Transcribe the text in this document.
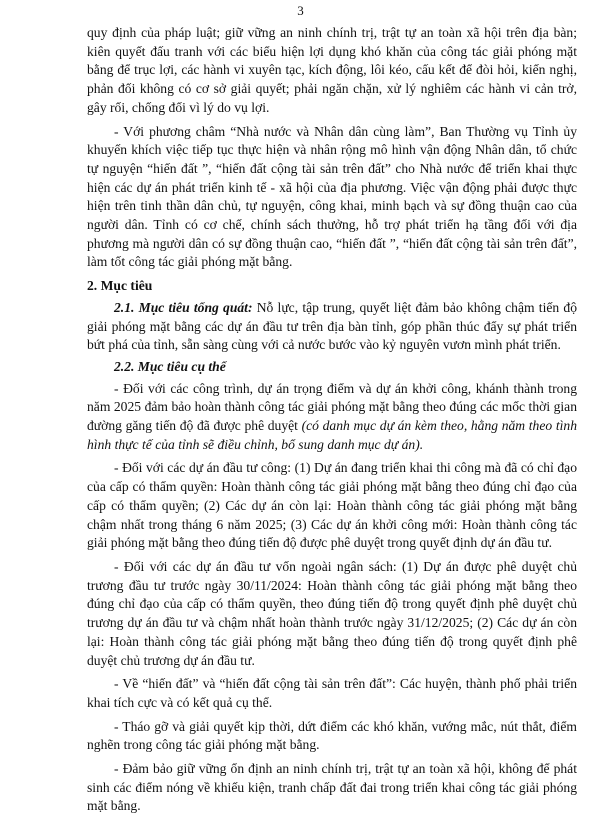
3

quy định của pháp luật; giữ vững an ninh chính trị, trật tự an toàn xã hội trên địa bàn; kiên quyết đấu tranh với các biểu hiện lợi dụng khó khăn của công tác giải phóng mặt bằng để trục lợi, các hành vi xuyên tạc, kích động, lôi kéo, cấu kết để đòi hỏi, kiến nghị, phản đối không có cơ sở giải quyết; phải ngăn chặn, xử lý nghiêm các hành vi cản trở, gây rối, chống đối vì lý do vụ lợi.

- Với phương châm “Nhà nước và Nhân dân cùng làm”, Ban Thường vụ Tỉnh ủy khuyến khích việc tiếp tục thực hiện và nhân rộng mô hình vận động Nhân dân, tổ chức tự nguyện “hiến đất ”, “hiến đất cộng tài sản trên đất” cho Nhà nước để triển khai thực hiện các dự án phát triển kinh tế - xã hội của địa phương. Việc vận động phải được thực hiện trên tinh thần dân chủ, tự nguyện, công khai, minh bạch và sự đồng thuận cao của người dân. Tỉnh có cơ chế, chính sách thưởng, hỗ trợ phát triển hạ tầng đối với địa phương mà người dân có sự đồng thuận cao, “hiến đất ”, “hiến đất cộng tài sản trên đất”, làm tốt công tác giải phóng mặt bằng.

2. Mục tiêu

2.1. Mục tiêu tổng quát: Nỗ lực, tập trung, quyết liệt đảm bảo không chậm tiến độ giải phóng mặt bằng các dự án đầu tư trên địa bàn tỉnh, góp phần thúc đẩy sự phát triển bứt phá của tỉnh, sẵn sàng cùng với cả nước bước vào kỷ nguyên vươn mình phát triển.

2.2. Mục tiêu cụ thể

- Đối với các công trình, dự án trọng điểm và dự án khởi công, khánh thành trong năm 2025 đảm bảo hoàn thành công tác giải phóng mặt bằng theo đúng các mốc thời gian đường găng tiến độ đã được phê duyệt (có danh mục dự án kèm theo, hằng năm theo tình hình thực tế của tỉnh sẽ điều chỉnh, bổ sung danh mục dự án).

- Đối với các dự án đầu tư công: (1) Dự án đang triển khai thi công mà đã có chỉ đạo của cấp có thẩm quyền: Hoàn thành công tác giải phóng mặt bằng theo đúng chỉ đạo của cấp có thẩm quyền; (2) Các dự án còn lại: Hoàn thành công tác giải phóng mặt bằng chậm nhất trong tháng 6 năm 2025; (3) Các dự án khởi công mới: Hoàn thành công tác giải phóng mặt bằng theo đúng tiến độ được phê duyệt trong quyết định dự án đầu tư.

- Đối với các dự án đầu tư vốn ngoài ngân sách: (1) Dự án được phê duyệt chủ trương đầu tư trước ngày 30/11/2024: Hoàn thành công tác giải phóng mặt bằng theo đúng chỉ đạo của cấp có thẩm quyền, theo đúng tiến độ trong quyết định phê duyệt chủ trương dự án đầu tư và chậm nhất hoàn thành trước ngày 31/12/2025; (2) Các dự án còn lại: Hoàn thành công tác giải phóng mặt bằng theo đúng tiến độ trong quyết định phê duyệt chủ trương dự án đầu tư.

- Về “hiến đất” và “hiến đất cộng tài sản trên đất”: Các huyện, thành phố phải triển khai tích cực và có kết quả cụ thể.

- Tháo gỡ và giải quyết kịp thời, dứt điểm các khó khăn, vướng mắc, nút thắt, điểm nghẽn trong công tác giải phóng mặt bằng.

- Đảm bảo giữ vững ổn định an ninh chính trị, trật tự an toàn xã hội, không để phát sinh các điểm nóng về khiếu kiện, tranh chấp đất đai trong triển khai công tác giải phóng mặt bằng.
